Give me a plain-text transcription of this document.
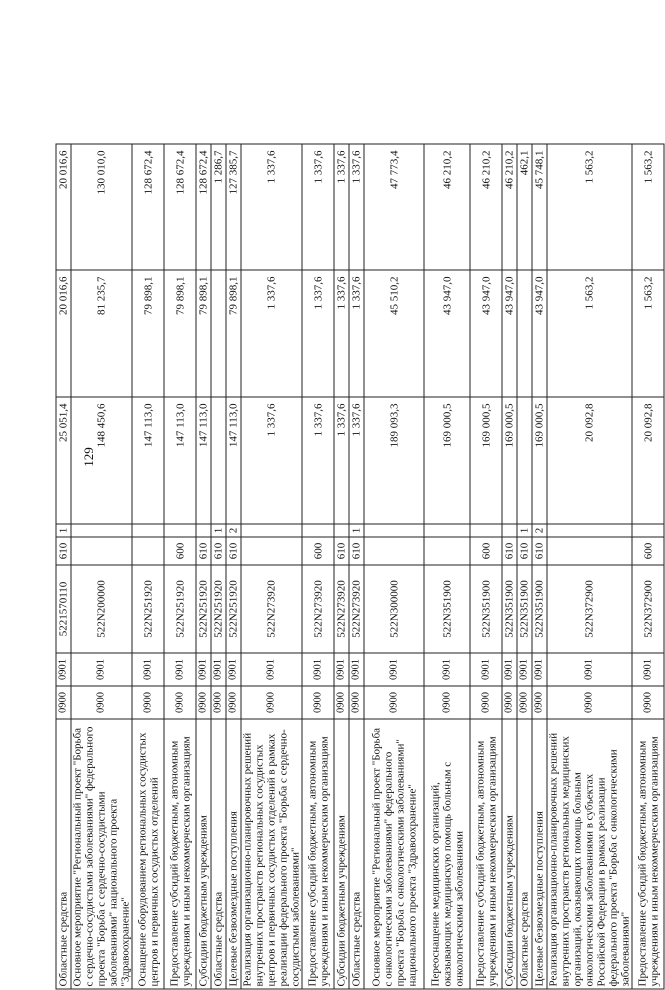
129
Областные средства	0900	0901	5221570110	610	1	25 051,4	20 016,6	20 016,6
Основное мероприятие "Региональный проект "Борьба с сердечно-сосудистыми заболеваниями" федерального проекта "Борьба с сердечно-сосудистыми заболеваниями" национального проекта "Здравоохранение"	0900	0901	522N200000			148 450,6	81 235,7	130 010,0
Оснащение оборудованием региональных сосудистых центров и первичных сосудистых отделений	0900	0901	522N251920			147 113,0	79 898,1	128 672,4
Предоставление субсидий бюджетным, автономным учреждениям и иным некоммерческим организациям	0900	0901	522N251920	600		147 113,0	79 898,1	128 672,4
Субсидии бюджетным учреждениям	0900	0901	522N251920	610		147 113,0	79 898,1	128 672,4
Областные средства	0900	0901	522N251920	610	1			1 286,7
Целевые безвозмездные поступления	0900	0901	522N251920	610	2	147 113,0	79 898,1	127 385,7
Реализация организационно-планировочных решений внутренних пространств региональных сосудистых центров и первичных сосудистых отделений в рамках реализации федерального проекта "Борьба с сердечно-сосудистыми заболеваниями"	0900	0901	522N273920			1 337,6	1 337,6	1 337,6
Предоставление субсидий бюджетным, автономным учреждениям и иным некоммерческим организациям	0900	0901	522N273920	600		1 337,6	1 337,6	1 337,6
Субсидии бюджетным учреждениям	0900	0901	522N273920	610		1 337,6	1 337,6	1 337,6
Областные средства	0900	0901	522N273920	610	1	1 337,6	1 337,6	1 337,6
Основное мероприятие "Региональный проект "Борьба с онкологическими заболеваниями" федерального проекта "Борьба с онкологическими заболеваниями" национального проекта "Здравоохранение"	0900	0901	522N300000			189 093,3	45 510,2	47 773,4
Переоснащение медицинских организаций, оказывающих медицинскую помощь больным с онкологическими заболеваниями	0900	0901	522N351900			169 000,5	43 947,0	46 210,2
Предоставление субсидий бюджетным, автономным учреждениям и иным некоммерческим организациям	0900	0901	522N351900	600		169 000,5	43 947,0	46 210,2
Субсидии бюджетным учреждениям	0900	0901	522N351900	610		169 000,5	43 947,0	46 210,2
Областные средства	0900	0901	522N351900	610	1			462,1
Целевые безвозмездные поступления	0900	0901	522N351900	610	2	169 000,5	43 947,0	45 748,1
Реализация организационно-планировочных решений внутренних пространств региональных медицинских организаций, оказывающих помощь больным онкологическими заболеваниями в субъектах Российской Федерации в рамках реализации федерального проекта "Борьба с онкологическими заболеваниями"	0900	0901	522N372900			20 092,8	1 563,2	1 563,2
Предоставление субсидий бюджетным, автономным учреждениям и иным некоммерческим организациям	0900	0901	522N372900	600		20 092,8	1 563,2	1 563,2
